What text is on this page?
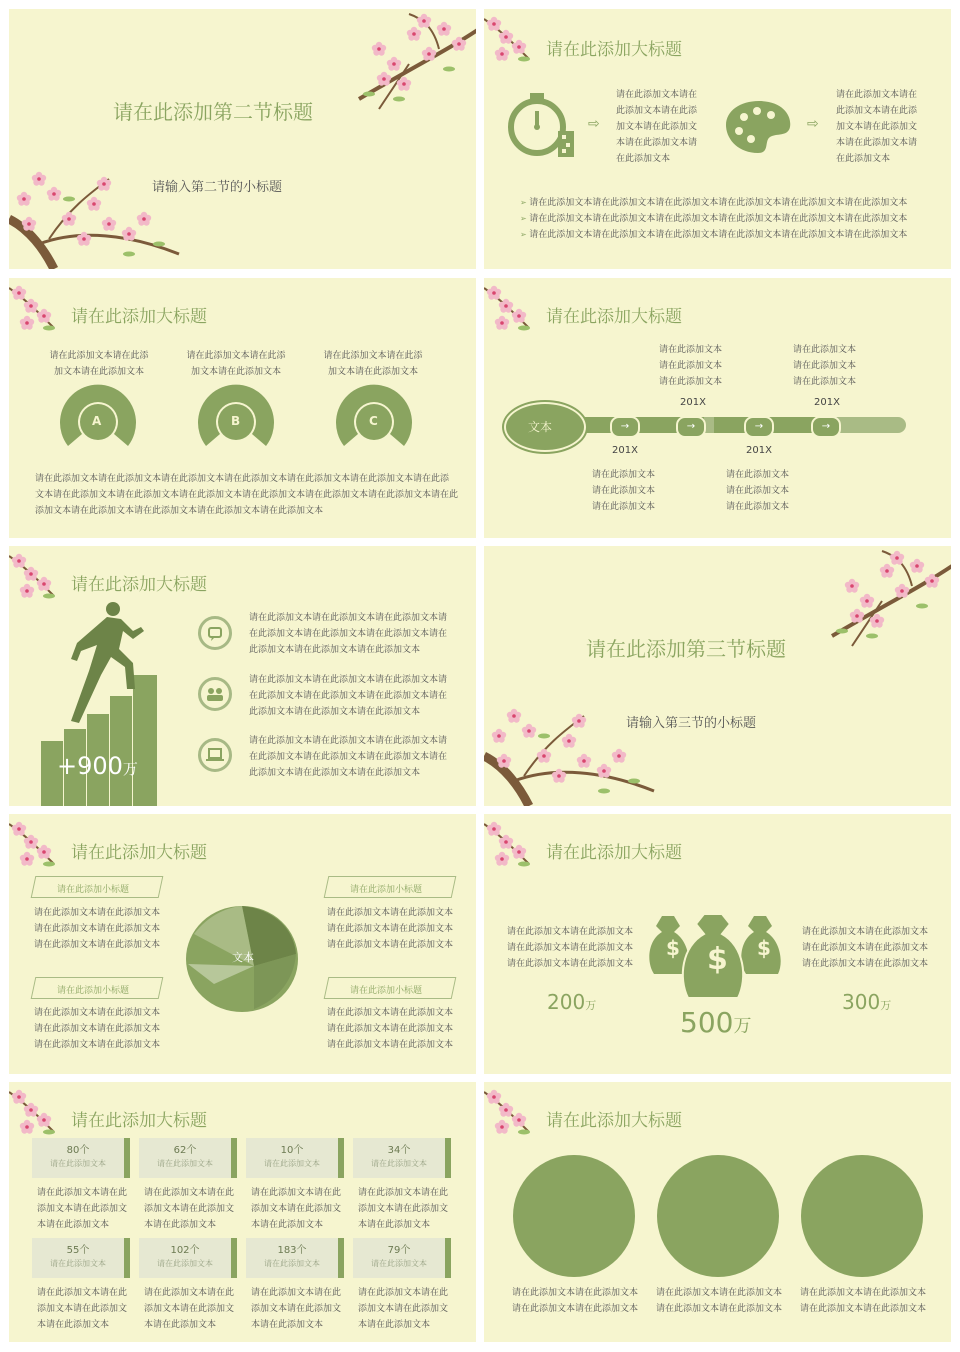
请在此添加第二节标题
请输入第二节的小标题
请在此添加大标题
⇨
请在此添加文本请在
此添加文本请在此添
加文本请在此添加文
本请在此添加文本请
在此添加文本
⇨
请在此添加文本请在
此添加文本请在此添
加文本请在此添加文
本请在此添加文本请
在此添加文本
➢ 请在此添加文本请在此添加文本请在此添加文本请在此添加文本请在此添加文本请在此添加文本
➢ 请在此添加文本请在此添加文本请在此添加文本请在此添加文本请在此添加文本请在此添加文本
➢ 请在此添加文本请在此添加文本请在此添加文本请在此添加文本请在此添加文本请在此添加文本
请在此添加大标题
请在此添加文本请在此添
加文本请在此添加文本
A
请在此添加文本请在此添
加文本请在此添加文本
B
请在此添加文本请在此添
加文本请在此添加文本
C
请在此添加文本请在此添加文本请在此添加文本请在此添加文本请在此添加文本请在此添加文本请在此添
文本请在此添加文本请在此添加文本请在此添加文本请在此添加文本请在此添加文本请在此添加文本请在此
添加文本请在此添加文本请在此添加文本请在此添加文本请在此添加文本
请在此添加大标题
文本	→	→	→	→
请在此添加文本
请在此添加文本
请在此添加文本
201X
请在此添加文本
请在此添加文本
请在此添加文本
201X
201X
请在此添加文本
请在此添加文本
请在此添加文本
201X
请在此添加文本
请在此添加文本
请在此添加文本
请在此添加大标题
+900万
请在此添加文本请在此添加文本请在此添加文本请
在此添加文本请在此添加文本请在此添加文本请在
此添加文本请在此添加文本请在此添加文本
请在此添加文本请在此添加文本请在此添加文本请
在此添加文本请在此添加文本请在此添加文本请在
此添加文本请在此添加文本请在此添加文本
请在此添加文本请在此添加文本请在此添加文本请
在此添加文本请在此添加文本请在此添加文本请在
此添加文本请在此添加文本请在此添加文本
请在此添加第三节标题
请输入第三节的小标题
请在此添加大标题
请在此添加小标题
请在此添加文本请在此添加文本
请在此添加文本请在此添加文本
请在此添加文本请在此添加文本
请在此添加小标题
请在此添加文本请在此添加文本
请在此添加文本请在此添加文本
请在此添加文本请在此添加文本
文本
请在此添加小标题
请在此添加文本请在此添加文本
请在此添加文本请在此添加文本
请在此添加文本请在此添加文本
请在此添加小标题
请在此添加文本请在此添加文本
请在此添加文本请在此添加文本
请在此添加文本请在此添加文本
请在此添加大标题
请在此添加文本请在此添加文本
请在此添加文本请在此添加文本
请在此添加文本请在此添加文本
请在此添加文本请在此添加文本
请在此添加文本请在此添加文本
请在此添加文本请在此添加文本
$	$
$
200万
500万
300万
请在此添加大标题
80个
请在此添加文本
62个
请在此添加文本
10个
请在此添加文本
34个
请在此添加文本
请在此添加文本请在此
添加文本请在此添加文
本请在此添加文本
请在此添加文本请在此
添加文本请在此添加文
本请在此添加文本
请在此添加文本请在此
添加文本请在此添加文
本请在此添加文本
请在此添加文本请在此
添加文本请在此添加文
本请在此添加文本
55个
请在此添加文本
102个
请在此添加文本
183个
请在此添加文本
79个
请在此添加文本
请在此添加文本请在此
添加文本请在此添加文
本请在此添加文本
请在此添加文本请在此
添加文本请在此添加文
本请在此添加文本
请在此添加文本请在此
添加文本请在此添加文
本请在此添加文本
请在此添加文本请在此
添加文本请在此添加文
本请在此添加文本
请在此添加大标题
请在此添加文本请在此添加文本
请在此添加文本请在此添加文本
请在此添加文本请在此添加文本
请在此添加文本请在此添加文本
请在此添加文本请在此添加文本
请在此添加文本请在此添加文本
